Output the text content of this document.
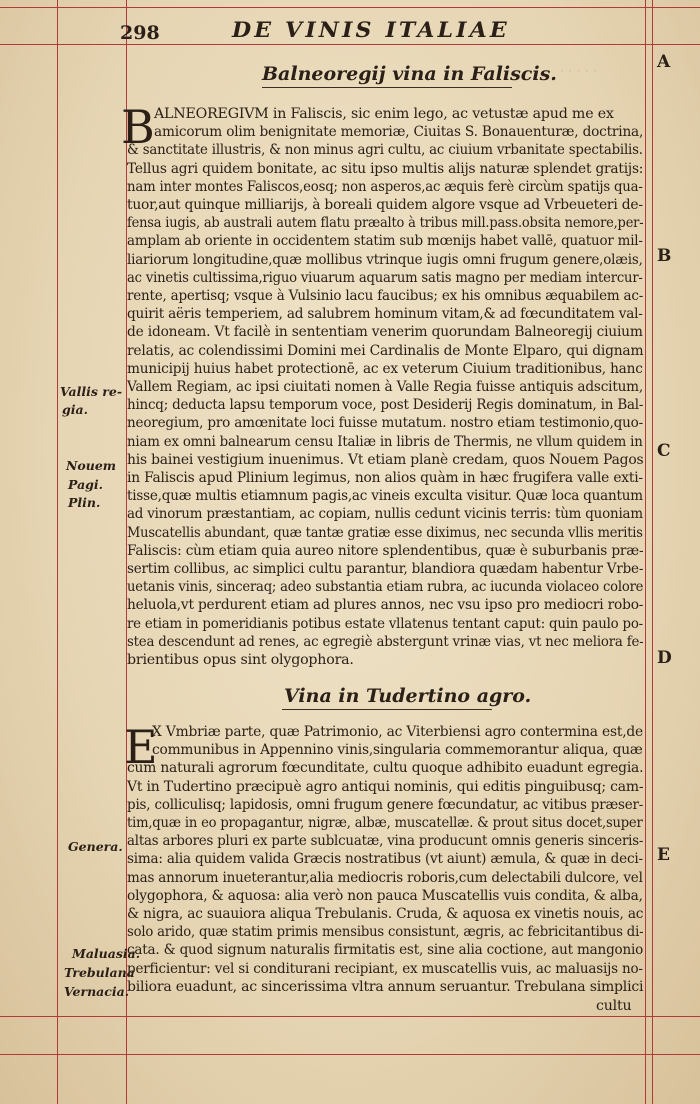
· · · · ·
298	DE VINIS ITALIAE
Balneoregij vina in Faliscis.
B ALNEOREGIVM in Faliscis, sic enim lego, ac vetustæ apud me ex
amicorum olim benignitate memoriæ, Ciuitas S. Bonauenturæ, doctrina,
& sanctitate illustris, & non minus agri cultu, ac ciuium vrbanitate spectabilis.
Tellus agri quidem bonitate, ac situ ipso multis alijs naturæ splendet gratijs:
nam inter montes Faliscos,eosq; non asperos,ac æquis ferè circùm spatijs qua-
tuor,aut quinque milliarijs, à boreali quidem algore vsque ad Vrbeueteri de-
fensa iugis, ab australi autem flatu præalto à tribus mill.pass.obsita nemore,per-
amplam ab oriente in occidentem statim sub mœnijs habet vallē, quatuor mil-
liariorum longitudine,quæ mollibus vtrinque iugis omni frugum genere,olæis,
ac vinetis cultissima,riguo viuarum aquarum satis magno per mediam intercur-
rente, apertisq; vsque à Vulsinio lacu faucibus; ex his omnibus æquabilem ac-
quirit aëris temperiem, ad salubrem hominum vitam,& ad fœcunditatem val-
de idoneam. Vt facilè in sententiam venerim quorundam Balneoregij ciuium
relatis, ac colendissimi Domini mei Cardinalis de Monte Elparo, qui dignam
municipij huius habet protectionē, ac ex veterum Ciuium traditionibus, hanc
Vallem Regiam, ac ipsi ciuitati nomen à Valle Regia fuisse antiquis adscitum,
hincq; deducta lapsu temporum voce, post Desiderij Regis dominatum, in Bal-
neoregium, pro amœnitate loci fuisse mutatum. nostro etiam testimonio,quo-
niam ex omni balnearum censu Italiæ in libris de Thermis, ne vllum quidem in
his bainei vestigium inuenimus. Vt etiam planè credam, quos Nouem Pagos
in Faliscis apud Plinium legimus, non alios quàm in hæc frugifera valle exti-
tisse,quæ multis etiamnum pagis,ac vineis exculta visitur. Quæ loca quantum
ad vinorum præstantiam, ac copiam, nullis cedunt vicinis terris: tùm quoniam
Muscatellis abundant, quæ tantæ gratiæ esse diximus, nec secunda vllis meritis
Faliscis: cùm etiam quia aureo nitore splendentibus, quæ è suburbanis præ-
sertim collibus, ac simplici cultu parantur, blandiora quædam habentur Vrbe-
uetanis vinis, sinceraq; adeo substantia etiam rubra, ac iucunda violaceo colore
heluola,vt perdurent etiam ad plures annos, nec vsu ipso pro mediocri robo-
re etiam in pomeridianis potibus estate vllatenus tentant caput: quin paulo po-
stea descendunt ad renes, ac egregiè abstergunt vrinæ vias, vt nec meliora fe-
brientibus opus sint olygophora.
Vina in Tudertino agro.
E
X Vmbriæ parte, quæ Patrimonio, ac Viterbiensi agro contermina est,de
communibus in Appennino vinis,singularia commemorantur aliqua, quæ
cum naturali agrorum fœcunditate, cultu quoque adhibito euadunt egregia.
Vt in Tudertino præcipuè agro antiqui nominis, qui editis pinguibusq; cam-
pis, colliculisq; lapidosis, omni frugum genere fœcundatur, ac vitibus præser-
tim,quæ in eo propagantur, nigræ, albæ, muscatellæ. & prout situs docet,super
altas arbores pluri ex parte sublcuatæ, vina producunt omnis generis sinceris-
sima: alia quidem valida Græcis nostratibus (vt aiunt) æmula, & quæ in deci-
mas annorum inueterantur,alia mediocris roboris,cum delectabili dulcore, vel
olygophora, & aquosa: alia verò non pauca Muscatellis vuis condita, & alba,
& nigra, ac suauiora aliqua Trebulanis. Cruda, & aquosa ex vinetis nouis, ac
solo arido, quæ statim primis mensibus consistunt, ægris, ac febricitantibus di-
cata. & quod signum naturalis firmitatis est, sine alia coctione, aut mangonio
perficientur: vel si conditurani recipiant, ex muscatellis vuis, ac maluasijs no-
biliora euadunt, ac sincerissima vltra annum seruantur. Trebulana simplici
cultu
Vallis re-
gia.
Nouem
Pagi.
Plin.
Genera.
Maluasia.
Trebulana
Vernacia.
A
B
C
D
E
